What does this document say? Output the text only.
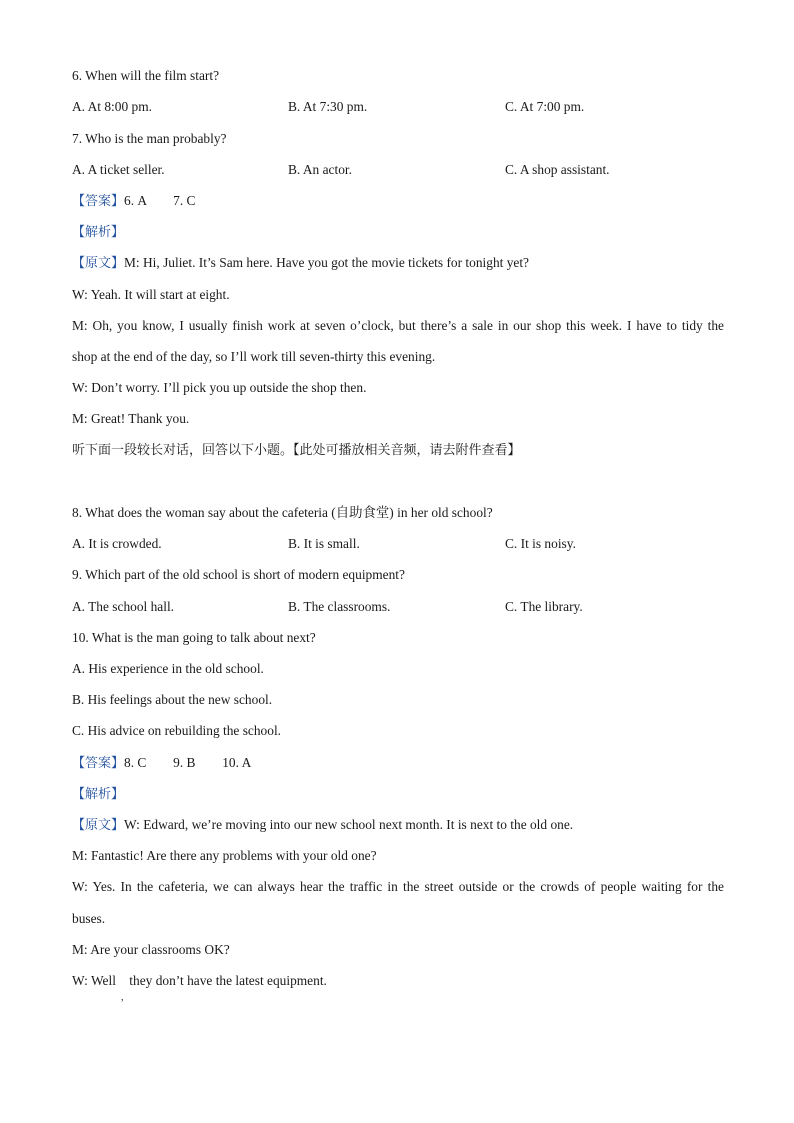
6. When will the film start?
A. At 8:00 pm.	B. At 7:30 pm.	C. At 7:00 pm.
7. Who is the man probably?
A. A ticket seller.	B. An actor.	C. A shop assistant.
【答案】6. A        7. C
【解析】
【原文】M: Hi, Juliet. It’s Sam here. Have you got the movie tickets for tonight yet?
W: Yeah. It will start at eight.
M: Oh, you know, I usually finish work at seven o’clock, but there’s a sale in our shop this week. I have to tidy the
shop at the end of the day, so I’ll work till seven-thirty this evening.
W: Don’t worry. I’ll pick you up outside the shop then.
M: Great! Thank you.
听下面一段较长对话，回答以下小题。【此处可播放相关音频，请去附件查看】
8. What does the woman say about the cafeteria (自助食堂) in her old school?
A. It is crowded.	B. It is small.	C. It is noisy.
9. Which part of the old school is short of modern equipment?
A. The school hall.	B. The classrooms.	C. The library.
10. What is the man going to talk about next?
A. His experience in the old school.
B. His feelings about the new school.
C. His advice on rebuilding the school.
【答案】8. C        9. B        10. A
【解析】
【原文】W: Edward, we’re moving into our new school next month. It is next to the old one.
M: Fantastic! Are there any problems with your old one?
W: Yes. In the cafeteria, we can always hear the traffic in the street outside or the crowds of people waiting for the
buses.
M: Are your classrooms OK?
W: Well    they don’t have the latest equipment.
,
